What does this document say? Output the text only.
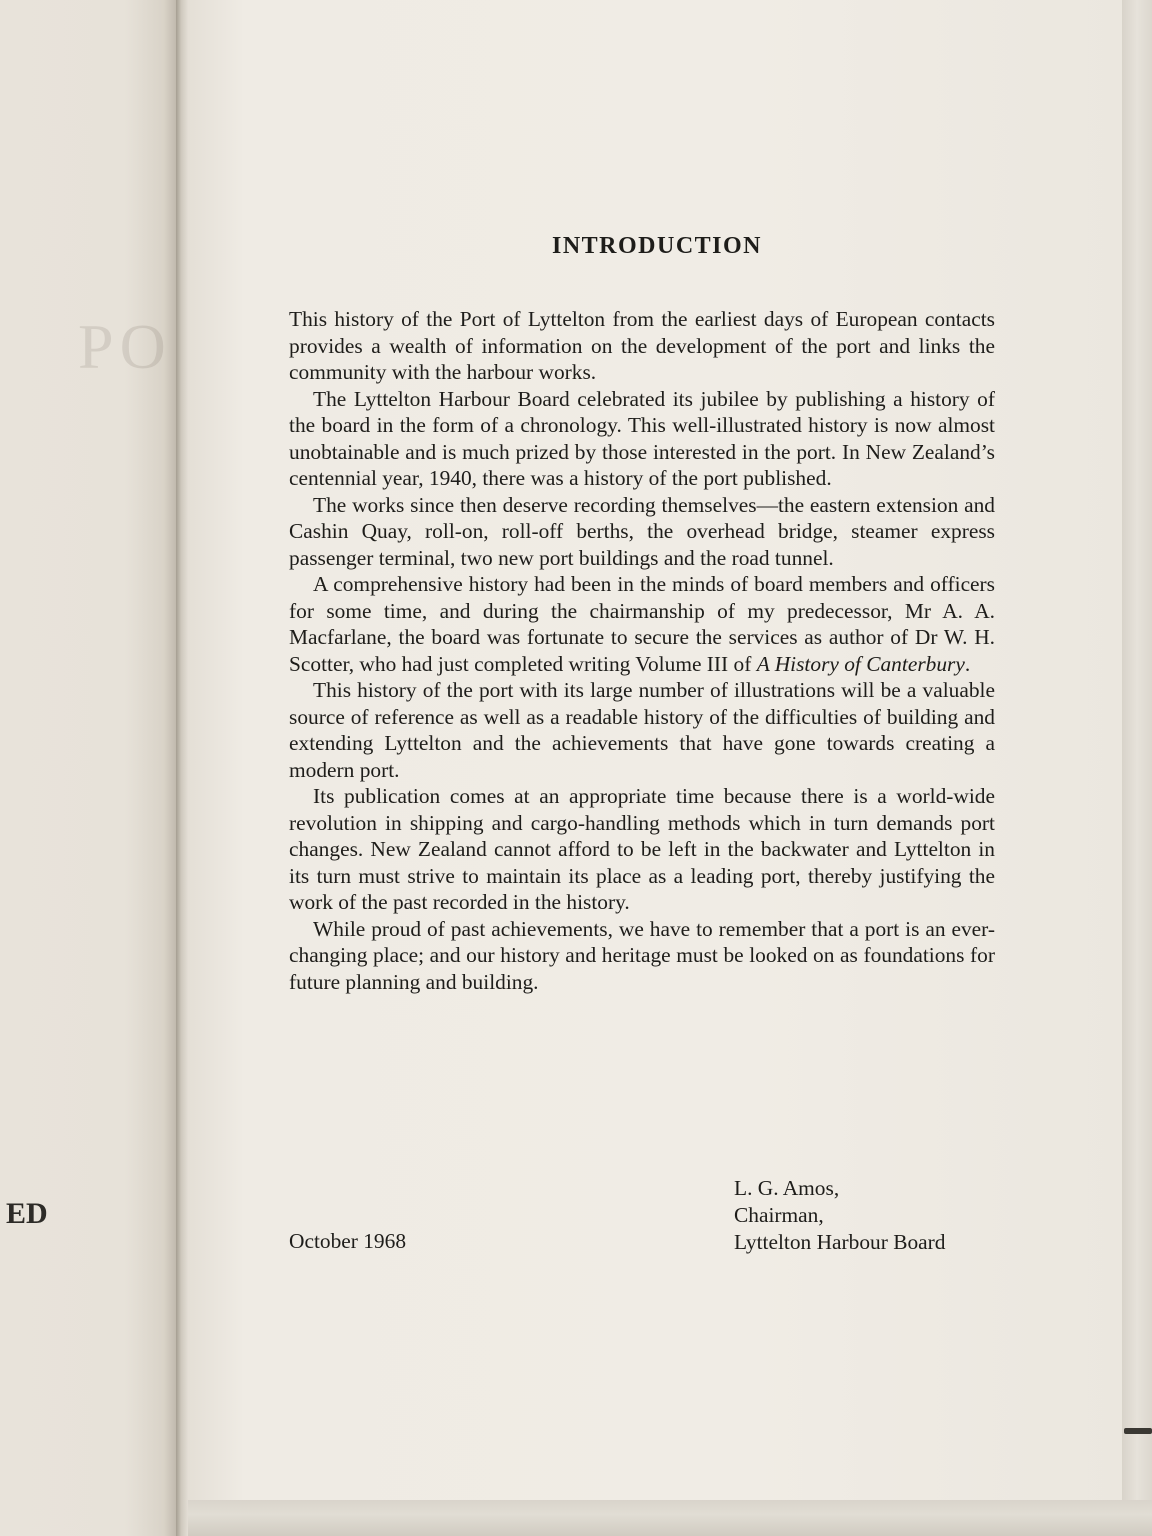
PO
ED
INTRODUCTION

This history of the Port of Lyttelton from the earliest days of European contacts provides a wealth of information on the development of the port and links the community with the harbour works.

The Lyttelton Harbour Board celebrated its jubilee by publishing a history of the board in the form of a chronology. This well-illustrated history is now almost unobtainable and is much prized by those interested in the port. In New Zealand’s centennial year, 1940, there was a history of the port published.

The works since then deserve recording themselves—the eastern extension and Cashin Quay, roll-on, roll-off berths, the overhead bridge, steamer express passenger terminal, two new port buildings and the road tunnel.

A comprehensive history had been in the minds of board members and officers for some time, and during the chairmanship of my predecessor, Mr A. A. Macfarlane, the board was fortunate to secure the services as author of Dr W. H. Scotter, who had just completed writing Volume III of A History of Canterbury.

This history of the port with its large number of illustrations will be a valuable source of reference as well as a readable history of the difficulties of building and extending Lyttelton and the achievements that have gone towards creating a modern port.

Its publication comes at an appropriate time because there is a world-wide revolution in shipping and cargo-handling methods which in turn demands port changes. New Zealand cannot afford to be left in the backwater and Lyttelton in its turn must strive to maintain its place as a leading port, thereby justifying the work of the past recorded in the history.

While proud of past achievements, we have to remember that a port is an ever-changing place; and our history and heritage must be looked on as foundations for future planning and building.

L. G. Amos,
Chairman,
Lyttelton Harbour Board
October 1968
